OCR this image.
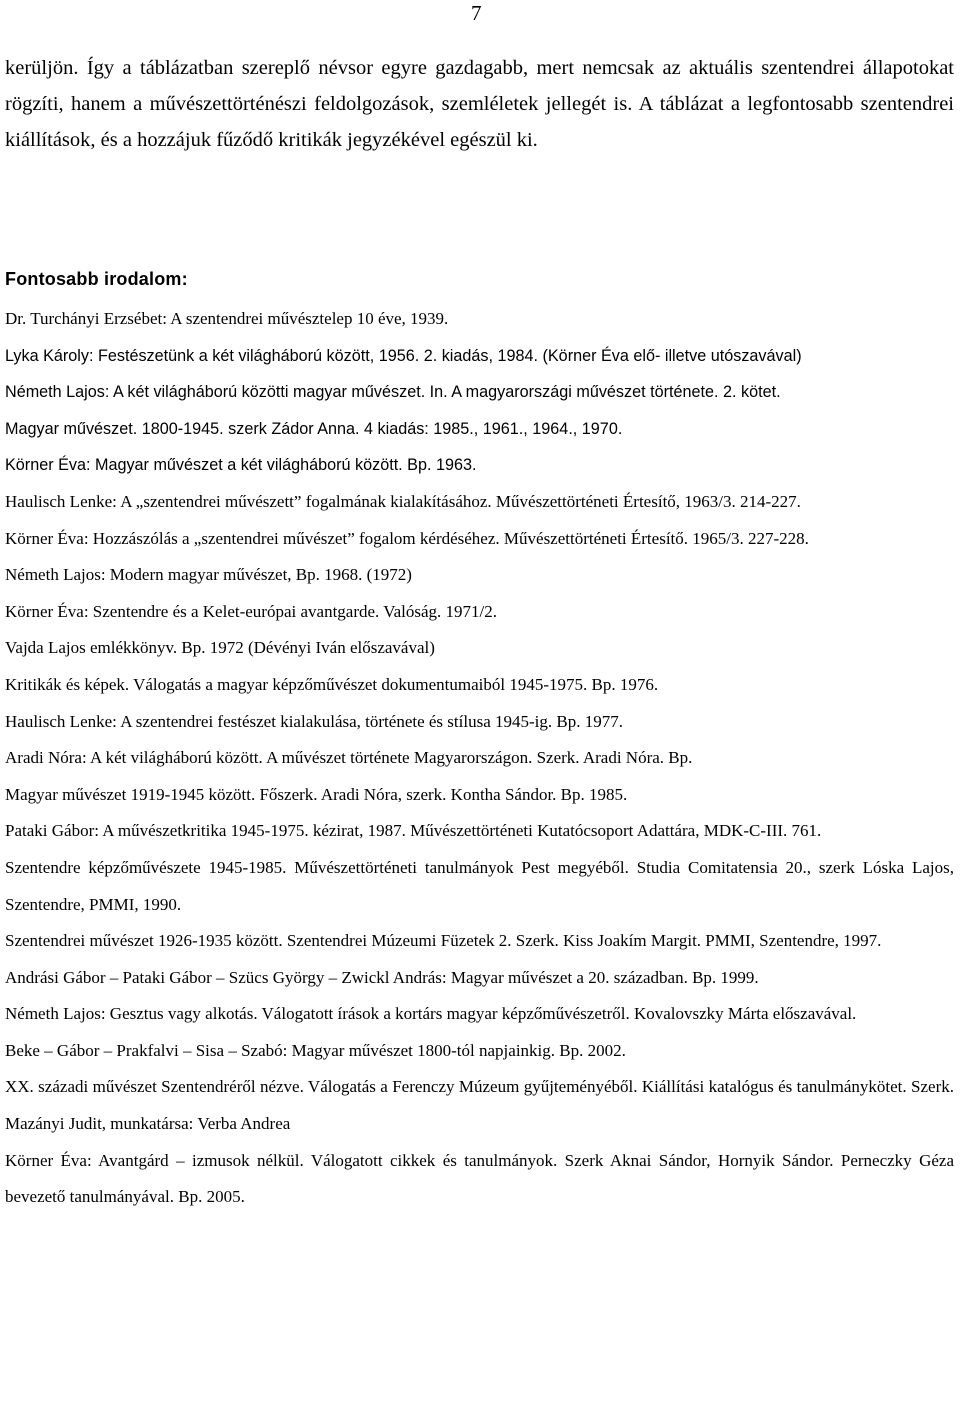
7

kerüljön. Így a táblázatban szereplő névsor egyre gazdagabb, mert nemcsak az aktuális szentendrei állapotokat rögzíti, hanem a művészettörténészi feldolgozások, szemléletek jellegét is. A táblázat a legfontosabb szentendrei kiállítások, és a hozzájuk fűződő kritikák jegyzékével egészül ki.

Fontosabb irodalom:
Dr. Turchányi Erzsébet: A szentendrei művésztelep 10 éve, 1939.
Lyka Károly: Festészetünk a két világháború között, 1956. 2. kiadás, 1984. (Körner Éva elő- illetve utószavával)
Németh Lajos: A két világháború közötti magyar művészet. In. A magyarországi művészet története. 2. kötet.
Magyar művészet. 1800-1945. szerk Zádor Anna. 4 kiadás: 1985., 1961., 1964., 1970.
Körner Éva: Magyar művészet a két világháború között. Bp. 1963.
Haulisch Lenke: A „szentendrei művészett” fogalmának kialakításához. Művészettörténeti Értesítő, 1963/3. 214-227.
Körner Éva: Hozzászólás a „szentendrei művészet” fogalom kérdéséhez. Művészettörténeti Értesítő. 1965/3. 227-228.
Németh Lajos: Modern magyar művészet, Bp. 1968. (1972)
Körner Éva: Szentendre és a Kelet-európai avantgarde. Valóság. 1971/2.
Vajda Lajos emlékkönyv. Bp. 1972 (Dévényi Iván előszavával)
Kritikák és képek. Válogatás a magyar képzőművészet dokumentumaiból 1945-1975. Bp. 1976.
Haulisch Lenke: A szentendrei festészet kialakulása, története és stílusa 1945-ig. Bp. 1977.
Aradi Nóra: A két világháború között. A művészet története Magyarországon. Szerk. Aradi Nóra. Bp.
Magyar művészet 1919-1945 között. Főszerk. Aradi Nóra, szerk. Kontha Sándor. Bp. 1985.
Pataki Gábor: A művészetkritika 1945-1975. kézirat, 1987. Művészettörténeti Kutatócsoport Adattára, MDK-C-III. 761.
Szentendre képzőművészete 1945-1985. Művészettörténeti tanulmányok Pest megyéből. Studia Comitatensia 20., szerk Lóska Lajos, Szentendre, PMMI, 1990.
Szentendrei művészet 1926-1935 között. Szentendrei Múzeumi Füzetek 2. Szerk. Kiss Joakím Margit. PMMI, Szentendre, 1997.
Andrási Gábor – Pataki Gábor – Szücs György – Zwickl András: Magyar művészet a 20. században. Bp. 1999.
Németh Lajos: Gesztus vagy alkotás. Válogatott írások a kortárs magyar képzőművészetről. Kovalovszky Márta előszavával.
Beke – Gábor – Prakfalvi – Sisa – Szabó: Magyar művészet 1800-tól napjainkig. Bp. 2002.
XX. századi művészet Szentendréről nézve. Válogatás a Ferenczy Múzeum gyűjteményéből. Kiállítási katalógus és tanulmánykötet. Szerk. Mazányi Judit, munkatársa: Verba Andrea
Körner Éva: Avantgárd – izmusok nélkül. Válogatott cikkek és tanulmányok. Szerk Aknai Sándor, Hornyik Sándor. Perneczky Géza bevezető tanulmányával. Bp. 2005.
